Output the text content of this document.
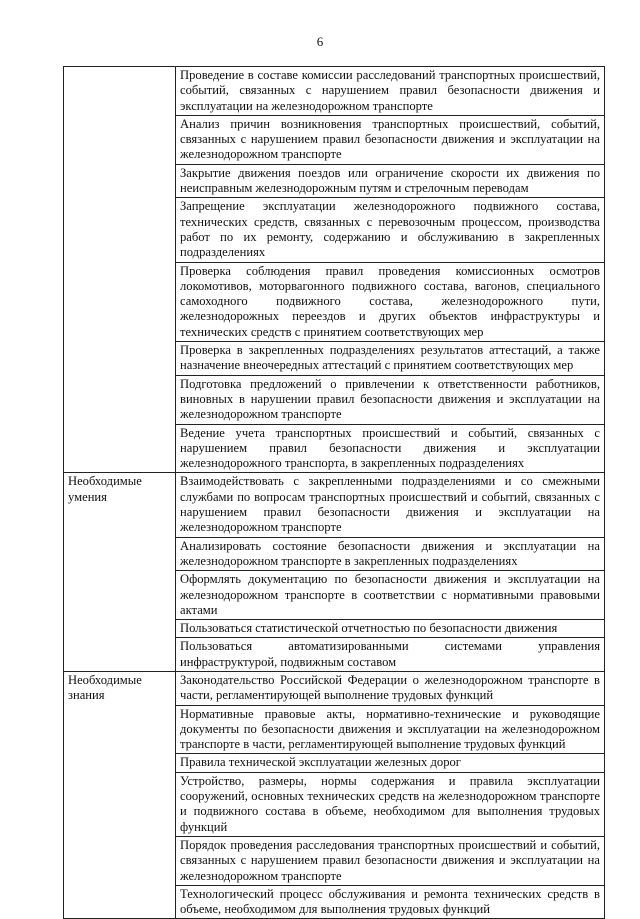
6
	Проведение в составе комиссии расследований транспортных происшествий, событий, связанных с нарушением правил безопасности движения и эксплуатации на железнодорожном транспорте
	Анализ причин возникновения транспортных происшествий, событий, связанных с нарушением правил безопасности движения и эксплуатации на железнодорожном транспорте
	Закрытие движения поездов или ограничение скорости их движения по неисправным железнодорожным путям и стрелочным переводам
	Запрещение эксплуатации железнодорожного подвижного состава, технических средств, связанных с перевозочным процессом, производства работ по их ремонту, содержанию и обслуживанию в закрепленных подразделениях
	Проверка соблюдения правил проведения комиссионных осмотров локомотивов, моторвагонного подвижного состава, вагонов, специального самоходного подвижного состава, железнодорожного пути, железнодорожных переездов и других объектов инфраструктуры и технических средств с принятием соответствующих мер
	Проверка в закрепленных подразделениях результатов аттестаций, а также назначение внеочередных аттестаций с принятием соответствующих мер
	Подготовка предложений о привлечении к ответственности работников, виновных в нарушении правил безопасности движения и эксплуатации на железнодорожном транспорте
	Ведение учета транспортных происшествий и событий, связанных с нарушением правил безопасности движения и эксплуатации железнодорожного транспорта, в закрепленных подразделениях
Необходимые умения	Взаимодействовать с закрепленными подразделениями и со смежными службами по вопросам транспортных происшествий и событий, связанных с нарушением правил безопасности движения и эксплуатации на железнодорожном транспорте
	Анализировать состояние безопасности движения и эксплуатации на железнодорожном транспорте в закрепленных подразделениях
	Оформлять документацию по безопасности движения и эксплуатации на железнодорожном транспорте в соответствии с нормативными правовыми актами
	Пользоваться статистической отчетностью по безопасности движения
	Пользоваться автоматизированными системами управления инфраструктурой, подвижным составом
Необходимые знания	Законодательство Российской Федерации о железнодорожном транспорте в части, регламентирующей выполнение трудовых функций
	Нормативные правовые акты, нормативно-технические и руководящие документы по безопасности движения и эксплуатации на железнодорожном транспорте в части, регламентирующей выполнение трудовых функций
	Правила технической эксплуатации железных дорог
	Устройство, размеры, нормы содержания и правила эксплуатации сооружений, основных технических средств на железнодорожном транспорте и подвижного состава в объеме, необходимом для выполнения трудовых функций
	Порядок проведения расследования транспортных происшествий и событий, связанных с нарушением правил безопасности движения и эксплуатации на железнодорожном транспорте
	Технологический процесс обслуживания и ремонта технических средств в объеме, необходимом для выполнения трудовых функций
